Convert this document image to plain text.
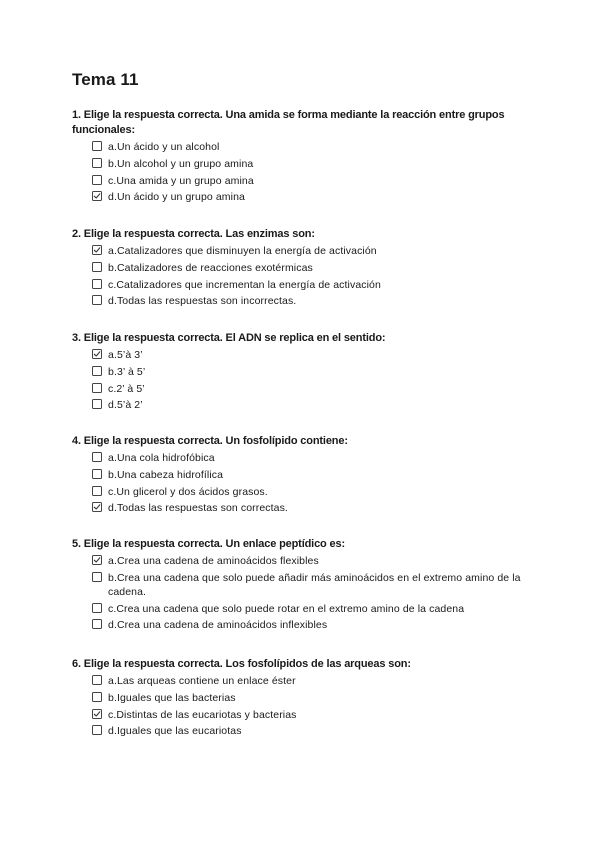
Tema 11
1. Elige la respuesta correcta. Una amida se forma mediante la reacción entre grupos funcionales:
a.Un ácido y un alcohol
b.Un alcohol y un grupo amina
c.Una amida y un grupo amina
d.Un ácido y un grupo amina
2. Elige la respuesta correcta. Las enzimas son:
a.Catalizadores que disminuyen la energía de activación
b.Catalizadores de reacciones exotérmicas
c.Catalizadores que incrementan la energía de activación
d.Todas las respuestas son incorrectas.
3. Elige la respuesta correcta. El ADN se replica en el sentido:
a.5’à 3’
b.3’ à 5’
c.2’ à 5’
d.5’à 2’
4. Elige la respuesta correcta. Un fosfolípido contiene:
a.Una cola hidrofóbica
b.Una cabeza hidrofílica
c.Un glicerol y dos ácidos grasos.
d.Todas las respuestas son correctas.
5. Elige la respuesta correcta. Un enlace peptídico es:
a.Crea una cadena de aminoácidos flexibles
b.Crea una cadena que solo puede añadir más aminoácidos en el extremo amino de la cadena.
c.Crea una cadena que solo puede rotar en el extremo amino de la cadena
d.Crea una cadena de aminoácidos inflexibles
6. Elige la respuesta correcta. Los fosfolípidos de las arqueas son:
a.Las arqueas contiene un enlace éster
b.Iguales que las bacterias
c.Distintas de las eucariotas y bacterias
d.Iguales que las eucariotas
